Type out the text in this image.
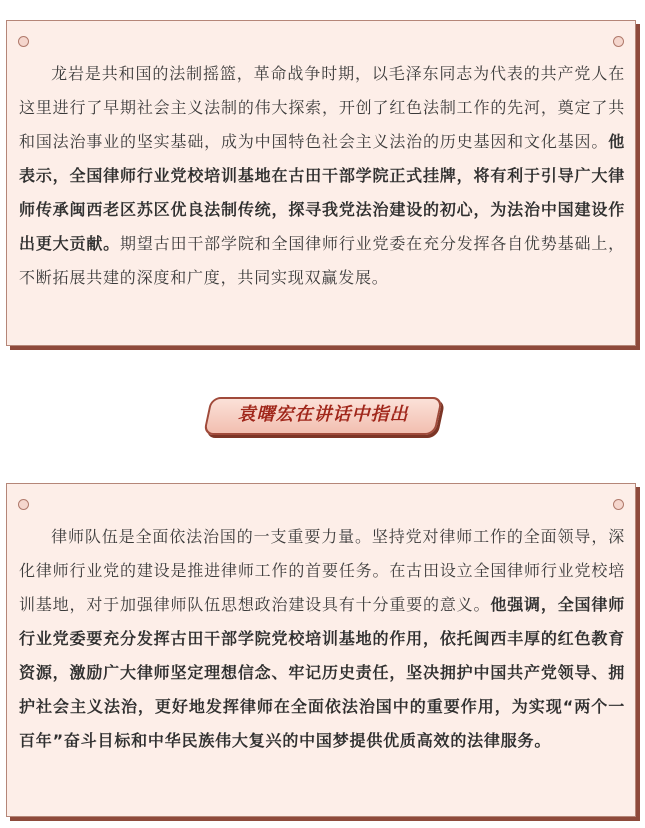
龙岩是共和国的法制摇篮，革命战争时期，以毛泽东同志为代表的共产党人在这里进行了早期社会主义法制的伟大探索，开创了红色法制工作的先河，奠定了共和国法治事业的坚实基础，成为中国特色社会主义法治的历史基因和文化基因。他表示，全国律师行业党校培训基地在古田干部学院正式挂牌，将有利于引导广大律师传承闽西老区苏区优良法制传统，探寻我党法治建设的初心，为法治中国建设作出更大贡献。期望古田干部学院和全国律师行业党委在充分发挥各自优势基础上，不断拓展共建的深度和广度，共同实现双赢发展。

袁曙宏在讲话中指出

律师队伍是全面依法治国的一支重要力量。坚持党对律师工作的全面领导，深化律师行业党的建设是推进律师工作的首要任务。在古田设立全国律师行业党校培训基地，对于加强律师队伍思想政治建设具有十分重要的意义。他强调，全国律师行业党委要充分发挥古田干部学院党校培训基地的作用，依托闽西丰厚的红色教育资源，激励广大律师坚定理想信念、牢记历史责任，坚决拥护中国共产党领导、拥护社会主义法治，更好地发挥律师在全面依法治国中的重要作用，为实现“两个一百年”奋斗目标和中华民族伟大复兴的中国梦提供优质高效的法律服务。
